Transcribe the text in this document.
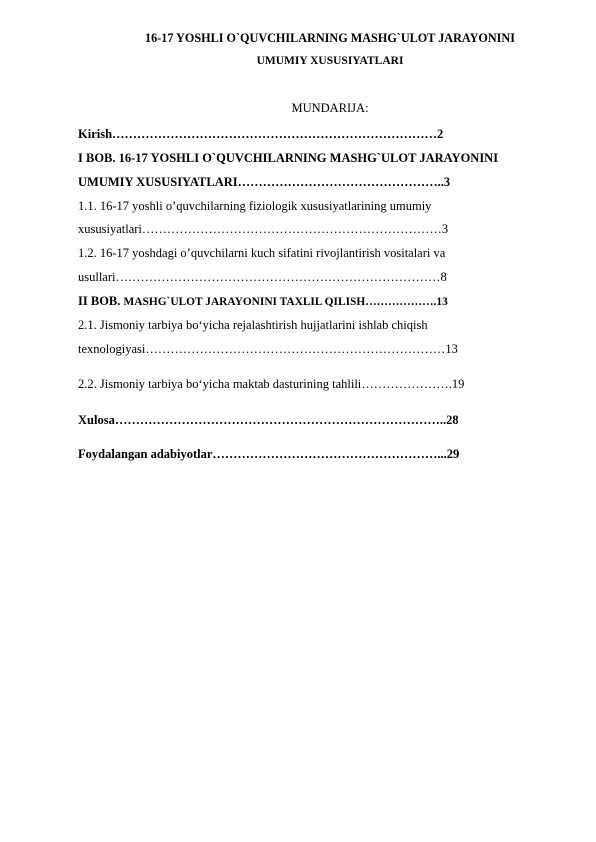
16-17 YOSHLI O`QUVCHILARNING MASHG`ULOT JARAYONINI
UMUMIY XUSUSIYATLARI
MUNDARIJA:
Kirish……………………………………………………………………2
I BOB. 16-17 YOSHLI O`QUVCHILARNING MASHG`ULOT JARAYONINI
UMUMIY XUSUSIYATLARI…………………………………………..3
1.1. 16-17 yoshli o’quvchilarning fiziologik xususiyatlarining umumiy
xususiyatlari………………………………………………………………3
1.2. 16-17 yoshdagi o’quvchilarni kuch sifatini rivojlantirish vositalari va
usullari……………………………………………………………………8
II BOB. MASHG`ULOT JARAYONINI TAXLIL QILISH……………….13
2.1. Jismoniy tarbiya bo‘yicha rejalashtirish hujjatlarini ishlab chiqish
texnologiyasi………………………………………………………………13
2.2. Jismoniy tarbiya bo‘yicha maktab dasturining tahlili………………….19
Xulosa……………………………………………………………………..28
Foydalangan adabiyotlar………………………………………………...29
